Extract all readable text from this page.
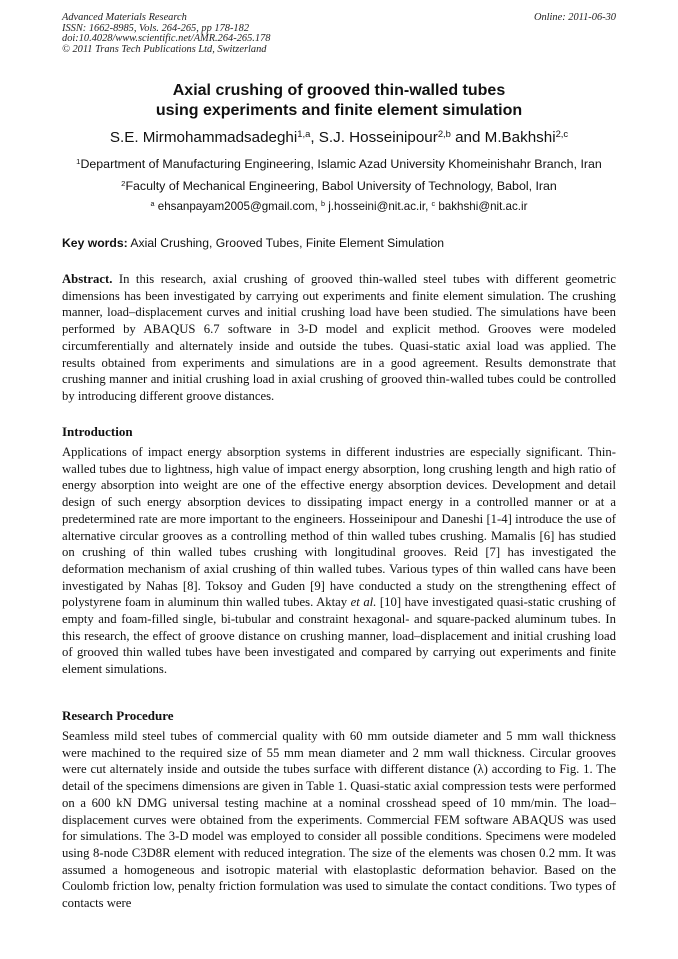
Advanced Materials Research
ISSN: 1662-8985, Vols. 264-265, pp 178-182
doi:10.4028/www.scientific.net/AMR.264-265.178
© 2011 Trans Tech Publications Ltd, Switzerland
Online: 2011-06-30
Axial crushing of grooved thin-walled tubes
using experiments and finite element simulation
S.E. Mirmohammadsadeghi$^{1,a}$, S.J. Hosseinipour$^{2,b}$ and M.Bakhshi$^{2,c}$
$^1$Department of Manufacturing Engineering, Islamic Azad University Khomeinishahr Branch, Iran
$^2$Faculty of Mechanical Engineering, Babol University of Technology, Babol, Iran
$^a$ ehsanpayam2005@gmail.com, $^b$ j.hosseini@nit.ac.ir, $^c$ bakhshi@nit.ac.ir
Key words: Axial Crushing, Grooved Tubes, Finite Element Simulation
Abstract. In this research, axial crushing of grooved thin-walled steel tubes with different geometric dimensions has been investigated by carrying out experiments and finite element simulation. The crushing manner, load–displacement curves and initial crushing load have been studied. The simulations have been performed by ABAQUS 6.7 software in 3-D model and explicit method. Grooves were modeled circumferentially and alternately inside and outside the tubes. Quasi-static axial load was applied. The results obtained from experiments and simulations are in a good agreement. Results demonstrate that crushing manner and initial crushing load in axial crushing of grooved thin-walled tubes could be controlled by introducing different groove distances.
Introduction
Applications of impact energy absorption systems in different industries are especially significant. Thin-walled tubes due to lightness, high value of impact energy absorption, long crushing length and high ratio of energy absorption into weight are one of the effective energy absorption devices. Development and detail design of such energy absorption devices to dissipating impact energy in a controlled manner or at a predetermined rate are more important to the engineers. Hosseinipour and Daneshi [1-4] introduce the use of alternative circular grooves as a controlling method of thin walled tubes crushing. Mamalis [6] has studied on crushing of thin walled tubes crushing with longitudinal grooves. Reid [7] has investigated the deformation mechanism of axial crushing of thin walled tubes. Various types of thin walled cans have been investigated by Nahas [8]. Toksoy and Guden [9] have conducted a study on the strengthening effect of polystyrene foam in aluminum thin walled tubes. Aktay et al. [10] have investigated quasi-static crushing of empty and foam-filled single, bi-tubular and constraint hexagonal- and square-packed aluminum tubes. In this research, the effect of groove distance on crushing manner, load–displacement and initial crushing load of grooved thin walled tubes have been investigated and compared by carrying out experiments and finite element simulations.
Research Procedure
Seamless mild steel tubes of commercial quality with 60 mm outside diameter and 5 mm wall thickness were machined to the required size of 55 mm mean diameter and 2 mm wall thickness. Circular grooves were cut alternately inside and outside the tubes surface with different distance (λ) according to Fig. 1. The detail of the specimens dimensions are given in Table 1. Quasi-static axial compression tests were performed on a 600 kN DMG universal testing machine at a nominal crosshead speed of 10 mm/min. The load–displacement curves were obtained from the experiments. Commercial FEM software ABAQUS was used for simulations. The 3-D model was employed to consider all possible conditions. Specimens were modeled using 8-node C3D8R element with reduced integration. The size of the elements was chosen 0.2 mm. It was assumed a homogeneous and isotropic material with elastoplastic deformation behavior. Based on the Coulomb friction low, penalty friction formulation was used to simulate the contact conditions. Two types of contacts were
